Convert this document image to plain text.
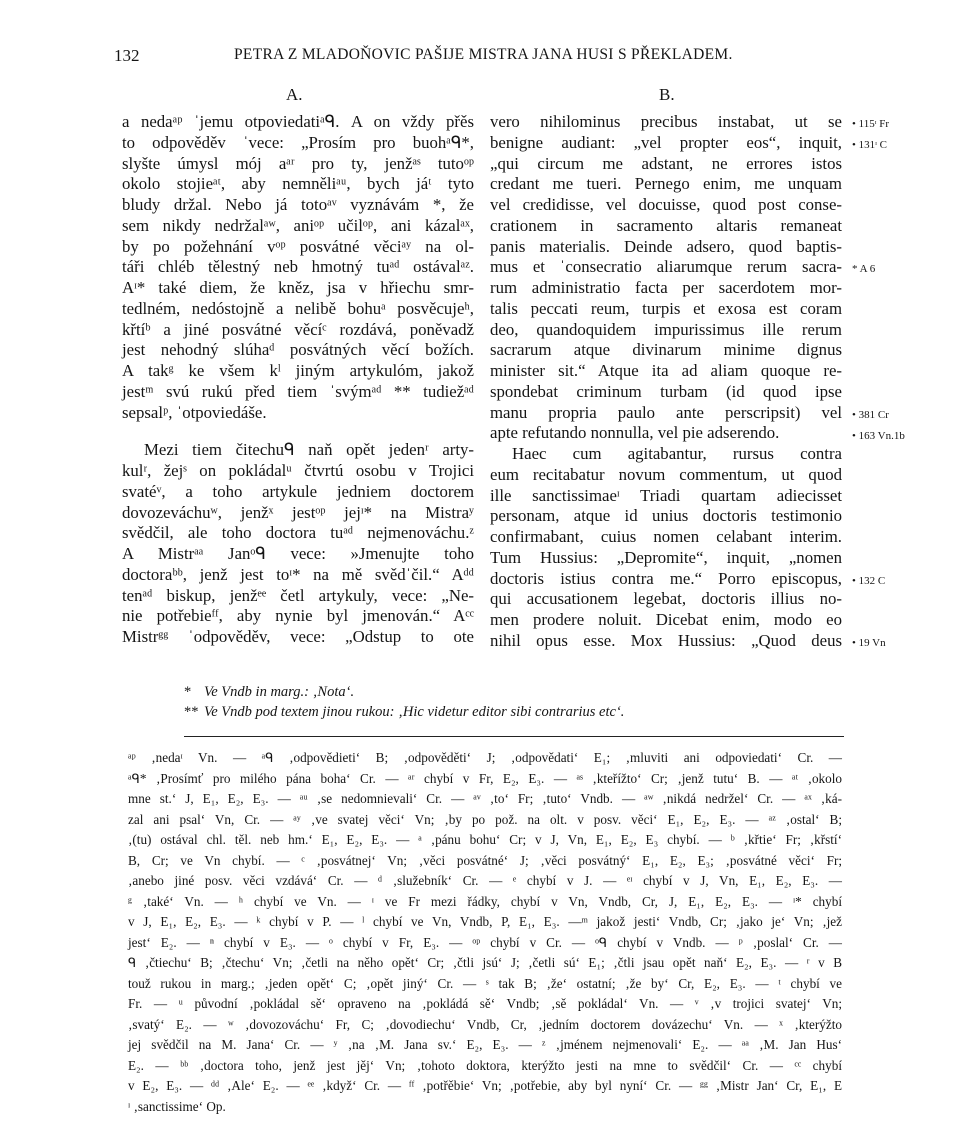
132	PETRA Z MLADOŇOVIC PAŠIJE MISTRA JANA HUSI S PŘEKLADEM.
A.	B.
a nedaᵃᵖ ˈjemu otpoviedatiᵃᑫ. A on vždy přěs
to odpověděv ˈvece: „Prosím pro buohᵃᑫ*,
slyšte úmysl mój aᵃʳ pro ty, jenžᵃˢ tutoᵒᵖ
okolo stojieᵃᵗ, aby nemněliᵃᵘ, bych jáᵗ tyto
bludy držal. Nebo já totoᵃᵛ vyznávám *, že
sem nikdy nedržalᵃʷ, aniᵒᵖ učilᵒᵖ, ani kázalᵃˣ,
by po požehnání vᵒᵖ posvátné věciᵃʸ na ol-
táři chléb tělestný neb hmotný tuᵃᵈ ostávalᵃᶻ.
Aᶦ* také diem, že kněz, jsa v hřiechu smr-
tedlném, nedóstojně a nelibě bohuᵃ posvěcujeʰ,
křtíᵇ a jiné posvátné věcíᶜ rozdává, poněvadž
jest nehodný slúhaᵈ posvátných věcí božích.
A takᵍ ke všem kˡ jiným artykulóm, jakož
jestᵐ svú rukú před tiem ˈsvýmᵃᵈ ** tudiežᵃᵈ
sepsalᵖ, ˈotpoviedáše.
Mezi tiem čitechuᑫ naň opět jedenʳ arty-
kulʳ, žejˢ on pokládalᵘ čtvrtú osobu v Trojici
svatéᵛ, a toho artykule jedniem doctorem
dovozeváchuʷ, jenžˣ jestᵒᵖ jejᶦ* na Mistraʸ
svědčil, ale toho doctora tuᵃᵈ nejmenováchu.ᶻ
A Mistrᵃᵃ Janᵒᑫ vece: »Jmenujte toho
doctoraᵇᵇ, jenž jest toᶦ* na mě svědˈčil.“ Aᵈᵈ
tenᵃᵈ biskup, jenžᵉᵉ četl artykuly, vece: „Ne-
nie potřebieᶠᶠ, aby nynie byl jmenován.“ Aᶜᶜ
Mistrᵍᵍ ˈodpověděv, vece: „Odstup to ote
vero nihilominus precibus instabat, ut se
benigne audiant: „vel propter eos“, inquit,
„qui circum me adstant, ne errores istos
credant me tueri. Pernego enim, me unquam
vel credidisse, vel docuisse, quod post conse-
crationem in sacramento altaris remaneat
panis materialis. Deinde adsero, quod baptis-
mus et ˈconsecratio aliarumque rerum sacra-
rum administratio facta per sacerdotem mor-
talis peccati reum, turpis et exosa est coram
deo, quandoquidem impurissimus ille rerum
sacrarum atque divinarum minime dignus
minister sit.“ Atque ita ad aliam quoque re-
spondebat criminum turbam (id quod ipse
manu propria paulo ante perscripsit) vel
apte refutando nonnulla, vel pie adserendo.
Haec cum agitabantur, rursus contra
eum recitabatur novum commentum, ut quod
ille sanctissimaeᶦ Triadi quartam adiecisset
personam, atque id unius doctoris testimonio
confirmabant, cuius nomen celabant interim.
Tum Hussius: „Depromite“, inquit, „nomen
doctoris istius contra me.“ Porro episcopus,
qui accusationem legebat, doctoris illius no-
men prodere noluit. Dicebat enim, modo eo
nihil opus esse. Mox Hussius: „Quod deus
• 115ᶦ Fr
• 131ᶦ C
* A 6
• 381 Cr
• 163 Vn.1b
• 132 C
• 19 Vn
* Ve Vndb in marg.: ‚Nota‘.
** Ve Vndb pod textem jinou rukou: ‚Hic videtur editor sibi contrarius etc‘.
ᵃᵖ ‚nedaᶦ Vn. — ᵃᑫ ‚odpovědieti‘ B; ‚odpověděti‘ J; ‚odpovědati‘ E₁; ‚mluviti ani odpoviedati‘ Cr. —
ᵃᑫ* ‚Prosímť pro milého pána boha‘ Cr. — ᵃʳ chybí v Fr, E₂, E₃. — ᵃˢ ‚kteřížto‘ Cr; ‚jenž tutu‘ B. — ᵃᵗ ‚okolo
mne st.‘ J, E₁, E₂, E₃. — ᵃᵘ ‚se nedomnievali‘ Cr. — ᵃᵛ ‚to‘ Fr; ‚tuto‘ Vndb. — ᵃʷ ‚nikdá nedržel‘ Cr. — ᵃˣ ‚ká-
zal ani psal‘ Vn, Cr. — ᵃʸ ‚ve svatej věci‘ Vn; ‚by po pož. na olt. v posv. věci‘ E₁, E₂, E₃. — ᵃᶻ ‚ostal‘ B;
‚(tu) ostával chl. těl. neb hm.‘ E₁, E₂, E₃. — ᵃ ‚pánu bohu‘ Cr; v J, Vn, E₁, E₂, E₃ chybí. — ᵇ ‚křtie‘ Fr; ‚křstí‘
B, Cr; ve Vn chybí. — ᶜ ‚posvátnej‘ Vn; ‚věci posvátné‘ J; ‚věci posvátný‘ E₁, E₂, E₃; ‚posvátné věci‘ Fr;
‚anebo jiné posv. věci vzdává‘ Cr. — ᵈ ‚služebník‘ Cr. — ᵉ chybí v J. — ᵉᶦ chybí v J, Vn, E₁, E₂, E₃. —
ᵍ ‚také‘ Vn. — ʰ chybí ve Vn. — ᶦ ve Fr mezi řádky, chybí v Vn, Vndb, Cr, J, E₁, E₂, E₃. — ᶦ* chybí
v J, E₁, E₂, E₃. — ᵏ chybí v P. — ˡ chybí ve Vn, Vndb, P, E₁, E₃. —ᵐ jakož jesti‘ Vndb, Cr; ‚jako je‘ Vn; ‚jež
jest‘ E₂. — ⁿ chybí v E₃. — ᵒ chybí v Fr, E₃. — ᵒᵖ chybí v Cr. — ᵒᑫ chybí v Vndb. — ᵖ ‚poslal‘ Cr. —
ᑫ ‚čtiechu‘ B; ‚čtechu‘ Vn; ‚četli na něho opět‘ Cr; ‚čtli jsú‘ J; ‚četli sú‘ E₁; ‚čtli jsau opět naň‘ E₂, E₃. — ʳ v B
touž rukou in marg.; ‚jeden opět‘ C; ‚opět jiný‘ Cr. — ˢ tak B; ‚že‘ ostatní; ‚že by‘ Cr, E₂, E₃. — ᵗ chybí ve
Fr. — ᵘ původní ‚pokládal sě‘ opraveno na ‚pokládá sě‘ Vndb; ‚sě pokládal‘ Vn. — ᵛ ‚v trojici svatej‘ Vn;
‚svatý‘ E₂. — ʷ ‚dovozováchu‘ Fr, C; ‚dovodiechu‘ Vndb, Cr, ‚jedním doctorem dovázechu‘ Vn. — ˣ ‚kterýžto
jej svědčil na M. Jana‘ Cr. — ʸ ‚na ‚M. Jana sv.‘ E₂, E₃. — ᶻ ‚jménem nejmenovali‘ E₂. — ᵃᵃ ‚M. Jan Hus‘
E₂. — ᵇᵇ ‚doctora toho, jenž jest jěj‘ Vn; ‚tohoto doktora, kterýžto jesti na mne to svědčil‘ Cr. — ᶜᶜ chybí
v E₂, E₃. — ᵈᵈ ‚Ale‘ E₂. — ᵉᵉ ‚když‘ Cr. — ᶠᶠ ‚potřěbie‘ Vn; ‚potřebie, aby byl nyní‘ Cr. — ᵍᵍ ‚Mistr Jan‘ Cr, E₁, E
ᶦ ‚sanctissime‘ Op.
